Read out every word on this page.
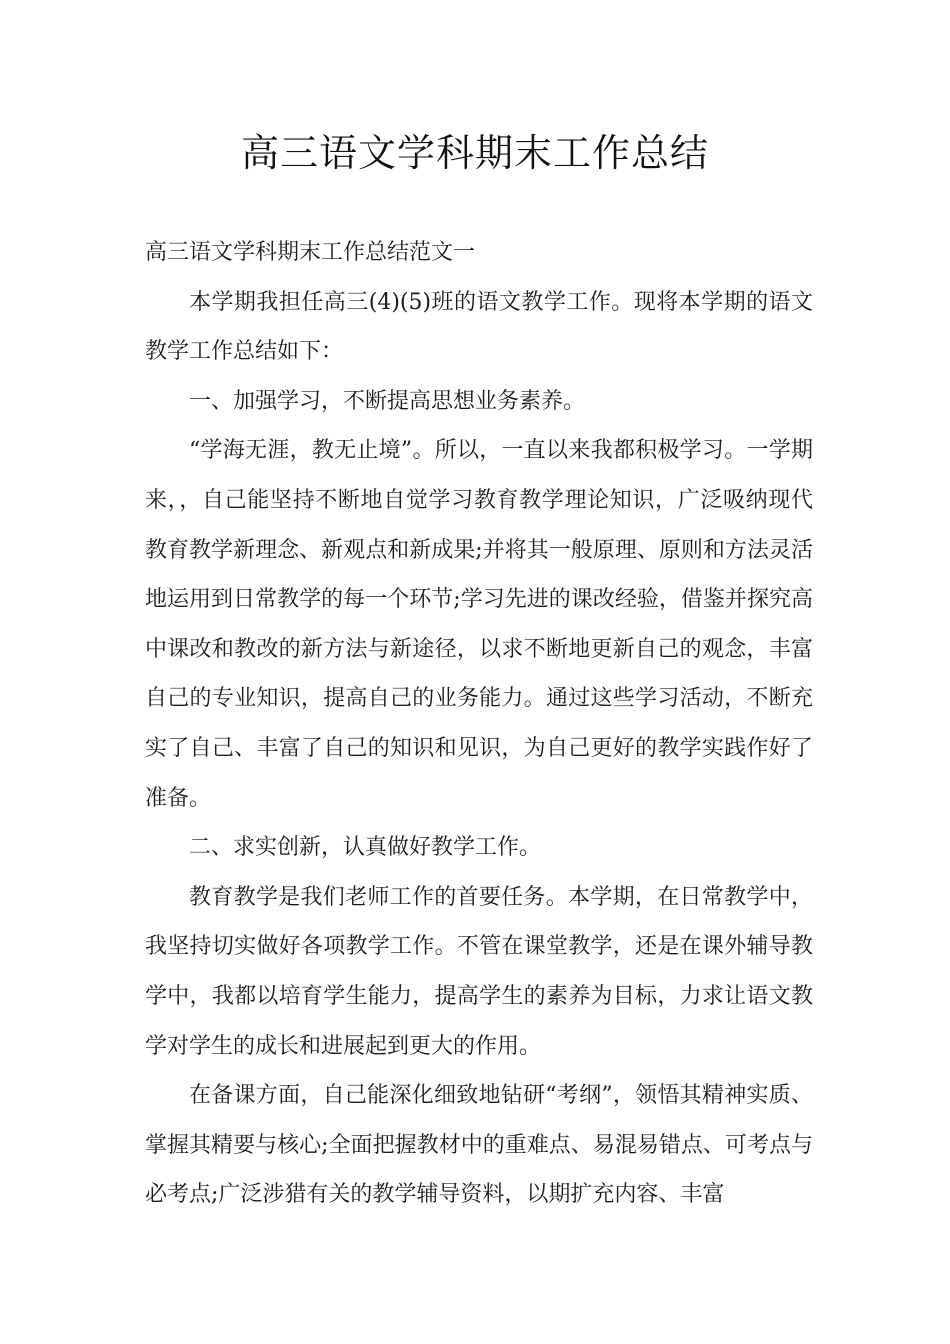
高三语文学科期末工作总结

高三语文学科期末工作总结范文一

本学期我担任高三(4)(5)班的语文教学工作。现将本学期的语文教学工作总结如下：

一、加强学习，不断提高思想业务素养。

“学海无涯，教无止境”。所以，一直以来我都积极学习。一学期来，，自己能坚持不断地自觉学习教育教学理论知识，广泛吸纳现代教育教学新理念、新观点和新成果;并将其一般原理、原则和方法灵活地运用到日常教学的每一个环节;学习先进的课改经验，借鉴并探究高中课改和教改的新方法与新途径，以求不断地更新自己的观念，丰富自己的专业知识，提高自己的业务能力。通过这些学习活动，不断充实了自己、丰富了自己的知识和见识，为自己更好的教学实践作好了准备。

二、求实创新，认真做好教学工作。

教育教学是我们老师工作的首要任务。本学期，在日常教学中，我坚持切实做好各项教学工作。不管在课堂教学，还是在课外辅导教学中，我都以培育学生能力，提高学生的素养为目标，力求让语文教学对学生的成长和进展起到更大的作用。

在备课方面，自己能深化细致地钻研“考纲”，领悟其精神实质、掌握其精要与核心;全面把握教材中的重难点、易混易错点、可考点与必考点;广泛涉猎有关的教学辅导资料，以期扩充内容、丰富
